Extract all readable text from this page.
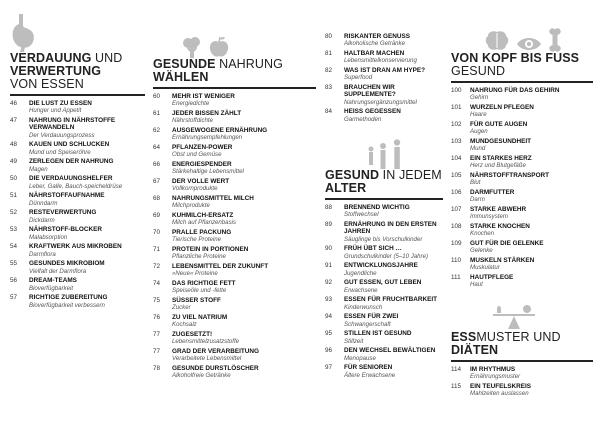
VERDAUUNG UND VERWERTUNG
VON ESSEN
46	DIE LUST ZU ESSEN
Hunger und Appetit
47	NAHRUNG IN NÄHRSTOFFE VERWANDELN
Der Verdauungsprozess
48	KAUEN UND SCHLUCKEN
Mund und Speiseröhre
49	ZERLEGEN DER NAHRUNG
Magen
50	DIE VERDAUUNGSHELFER
Leber, Galle, Bauch-speicheldrüse
51	NÄHRSTOFFAUFNAHME
Dünndarm
52	RESTEVERWERTUNG
Dickdarm
53	NÄHRSTOFF-BLOCKER
Malabsorption
54	KRAFTWERK AUS MIKROBEN
Darmflora
55	GESUNDES MIKROBIOM
Vielfalt der Darmflora
56	DREAM-TEAMS
Bioverfügbarkeit
57	RICHTIGE ZUBEREITUNG
Bioverfügbarkeit verbessern
GESUNDE NAHRUNG
WÄHLEN
60	MEHR IST WENIGER
Energiedichte
61	JEDER BISSEN ZÄHLT
Nährstoffdichte
62	AUSGEWOGENE ERNÄHRUNG
Ernährungsempfehlungen
64	PFLANZEN-POWER
Obst und Gemüse
66	ENERGIESPENDER
Stärkehaltige Lebensmittel
67	DER VOLLE WERT
Vollkornprodukte
68	NAHRUNGSMITTEL MILCH
Milchprodukte
69	KUHMILCH-ERSATZ
Milch auf Pflanzenbasis
70	PRALLE PACKUNG
Tierische Proteine
71	PROTEIN IN PORTIONEN
Pflanzliche Proteine
72	LEBENSMITTEL DER ZUKUNFT
»Neue« Proteine
74	DAS RICHTIGE FETT
Speiseöle und -fette
75	SÜSSER STOFF
Zucker
76	ZU VIEL NATRIUM
Kochsalz
77	ZUGESETZT!
Lebensmittelzusatzstoffe
77	GRAD DER VERARBEITUNG
Verarbeitete Lebensmittel
78	GESUNDE DURSTLÖSCHER
Alkoholfreie Getränke
80	RISKANTER GENUSS
Alkoholische Getränke
81	HALTBAR MACHEN
Lebensmittelkonservierung
82	WAS IST DRAN AM HYPE?
Superfood
83	BRAUCHEN WIR SUPPLEMENTE?
Nahrungsergänzungsmittel
84	HEISS GEGESSEN
Garmethoden
GESUND IN JEDEM
ALTER
88	BRENNEND WICHTIG
Stoffwechsel
89	ERNÄHRUNG IN DEN ERSTEN JAHREN
Säuglinge bis Vorschulkinder
90	FRÜH ÜBT SICH …
Grundschulkinder (5–10 Jahre)
91	ENTWICKLUNGSJAHRE
Jugendliche
92	GUT ESSEN, GUT LEBEN
Erwachsene
93	ESSEN FÜR FRUCHTBARKEIT
Kinderwunsch
94	ESSEN FÜR ZWEI
Schwangerschaft
95	STILLEN IST GESUND
Stillzeit
96	DEN WECHSEL BEWÄLTIGEN
Menopause
97	FÜR SENIOREN
Ältere Erwachsene
VON KOPF BIS FUSS
GESUND
100	NAHRUNG FÜR DAS GEHIRN
Gehirn
101	WURZELN PFLEGEN
Haare
102	FÜR GUTE AUGEN
Augen
103	MUNDGESUNDHEIT
Mund
104	EIN STARKES HERZ
Herz und Blutgefäße
105	NÄHRSTOFFTRANSPORT
Blut
106	DARMFUTTER
Darm
107	STARKE ABWEHR
Immunsystem
108	STARKE KNOCHEN
Knochen
109	GUT FÜR DIE GELENKE
Gelenke
110	MUSKELN STÄRKEN
Muskulatur
111	HAUTPFLEGE
Haut
ESSMUSTER UND
DIÄTEN
114	IM RHYTHMUS
Ernährungsmuster
115	EIN TEUFELSKREIS
Mahlzeiten auslassen
